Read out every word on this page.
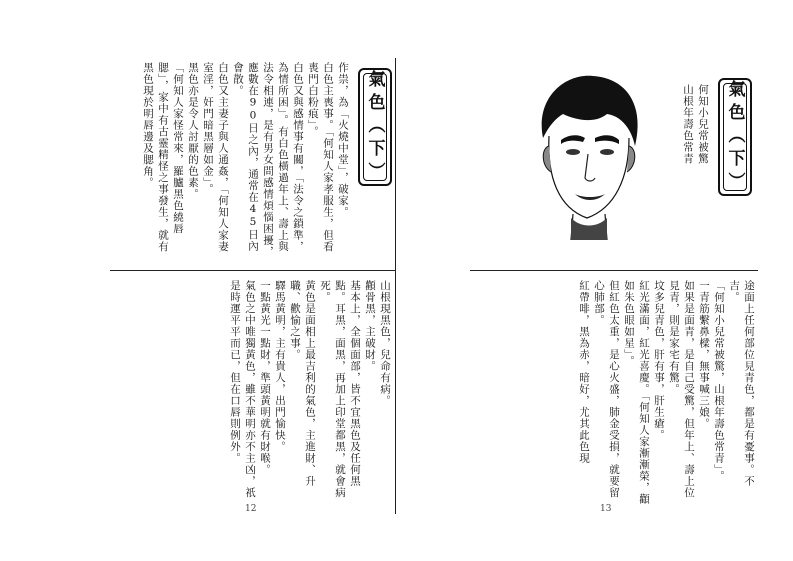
氣色（下）
作祟，為「火燒中堂」，破家。
白色主喪事。「何知人家孝服生，但看喪門白粉痕」。
白色又與感情事有關，「法令之鎖準，為情所困」。有白色橫過年上、壽上與法令相連，是有男女問感情煩惱困擾，應數在90日之內，通常在45日內會散。
白色又主妻子與人通姦，「何知人家妻室淫，奸門暗黑層如金」。
黑色亦是令人討厭的色素。
「何知人家怪常來，羅臚黑色繞唇腮」，家中有古靈精怪之事發生，就有黑色現於明唇邊及腮角。
山根現黑色，兒命有病。
顴骨黑，主破財。
基本上，全個面部，皆不宜黑色及任何黑點。耳黑，面黑，再加上印堂都黑，就會病死。
黃色是面相上最吉利的氣色，主進財、升職、歡愉之事。
驛馬黃明，主有貴人，出門愉快。
一點黃光一點財，準頭黃明就有財喉。
氣色之中唯獨黃色，雖不華明亦不主凶，祇是時運平平而已，但在口唇則例外。
12
氣色（下）
何知小兒常被驚
山根年壽色常青
途面上任何部位見青色，都是有憂事。不吉。
「何知小兒常被驚，山根年壽色常青」。
一青筋繫鼻樑，無事喊三娘。
如果是面青，是自己受驚，但年上、壽上位見青，則是家宅有驚。
坟多兒青色，肝有事，肝生瘡。
紅光滿面，紅光喜慶。「何知人家漸漸榮，顴如朱色眼如星」。
但紅色太重，是心火盛，肺金受損，就要留心肺部。
紅帶啡，黑為赤，暗好，尤其此色現
13
